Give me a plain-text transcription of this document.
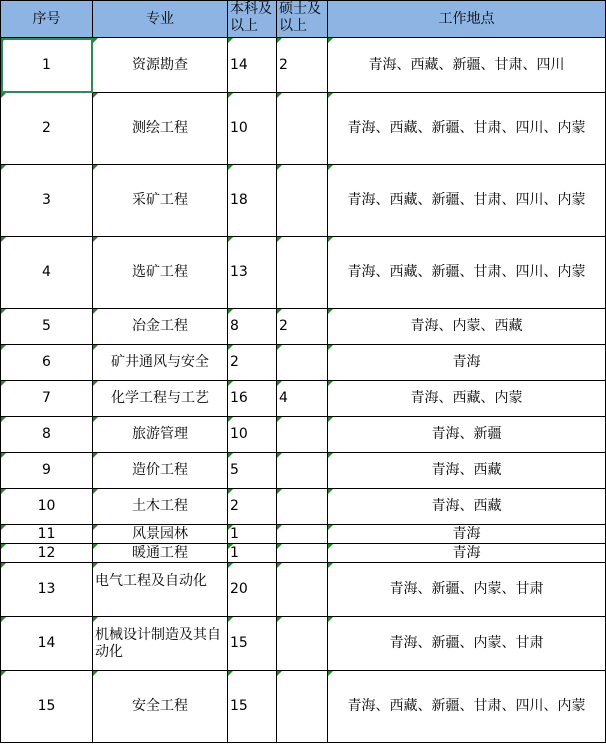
序号	专业	本科及以上	硕士及以上	工作地点
1	资源勘查	14	2	青海、西藏、新疆、甘肃、四川
2	测绘工程	10		青海、西藏、新疆、甘肃、四川、内蒙
3	采矿工程	18		青海、西藏、新疆、甘肃、四川、内蒙
4	选矿工程	13		青海、西藏、新疆、甘肃、四川、内蒙
5	冶金工程	8	2	青海、内蒙、西藏
6	矿井通风与安全	2		青海
7	化学工程与工艺	16	4	青海、西藏、内蒙
8	旅游管理	10		青海、新疆
9	造价工程	5		青海、西藏
10	土木工程	2		青海、西藏
11	风景园林	1		青海
12	暖通工程	1		青海
13	电气工程及自动化	20		青海、新疆、内蒙、甘肃
14	机械设计制造及其自动化	15		青海、新疆、内蒙、甘肃
15	安全工程	15		青海、西藏、新疆、甘肃、四川、内蒙
